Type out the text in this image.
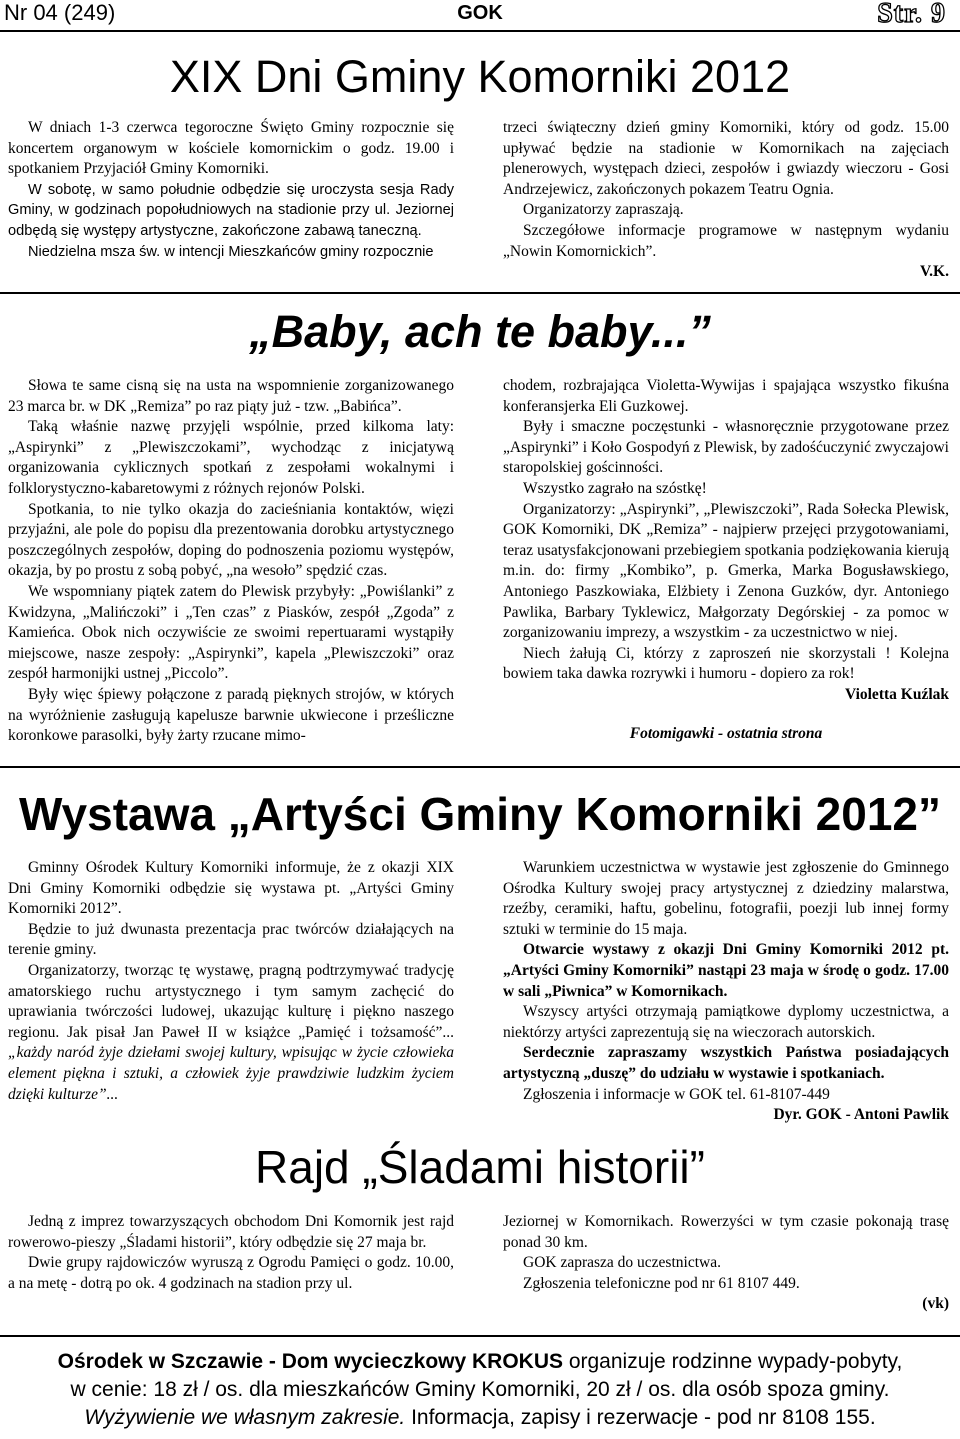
Nr 04 (249)	GOK	Str. 9
XIX Dni Gminy Komorniki 2012

W dniach 1-3 czerwca tegoroczne Święto Gminy rozpocznie się koncertem organowym w kościele komornickim o godz. 19.00 i spotkaniem Przyjaciół Gminy Komorniki.

W sobotę, w samo południe odbędzie się uroczysta sesja Rady Gminy, w godzinach popołudniowych na stadionie przy ul. Jeziornej odbędą się występy artystyczne, zakończone zabawą taneczną.

Niedzielna msza św. w intencji Mieszkańców gminy rozpocznie

trzeci świąteczny dzień gminy Komorniki, który od godz. 15.00 upływać będzie na stadionie w Komornikach na zajęciach plenerowych, występach dzieci, zespołów i gwiazdy wieczoru - Gosi Andrzejewicz, zakończonych pokazem Teatru Ognia.

Organizatorzy zapraszają.

Szczegółowe informacje programowe w następnym wydaniu „Nowin Komornickich”.

V.K.
„Baby, ach te baby...”

Słowa te same cisną się na usta na wspomnienie zorganizowanego 23 marca br. w DK „Remiza” po raz piąty już - tzw. „Babińca”.

Taką właśnie nazwę przyjęli wspólnie, przed kilkoma laty: „Aspirynki” z „Plewiszczokami”, wychodząc z inicjatywą organizowania cyklicznych spotkań z zespołami wokalnymi i folklorystyczno-kabaretowymi z różnych rejonów Polski.

Spotkania, to nie tylko okazja do zacieśniania kontaktów, więzi przyjaźni, ale pole do popisu dla prezentowania dorobku artystycznego poszczególnych zespołów, doping do podnoszenia poziomu występów, okazja, by po prostu z sobą pobyć, „na wesoło” spędzić czas.

We wspomniany piątek zatem do Plewisk przybyły: „Powiślanki” z Kwidzyna, „Malińczoki” i „Ten czas” z Piasków, zespół „Zgoda” z Kamieńca. Obok nich oczywiście ze swoimi repertuarami wystąpiły miejscowe, nasze zespoły: „Aspirynki”, kapela „Plewiszczoki” oraz zespół harmonijki ustnej „Piccolo”.

Były więc śpiewy połączone z paradą pięknych strojów, w których na wyróżnienie zasługują kapelusze barwnie ukwiecone i prześliczne koronkowe parasolki, były żarty rzucane mimo-

chodem, rozbrajająca Violetta-Wywijas i spajająca wszystko fikuśna konferansjerka Eli Guzkowej.

Były i smaczne poczęstunki - własnoręcznie przygotowane przez „Aspirynki” i Koło Gospodyń z Plewisk, by zadośćuczynić zwyczajowi staropolskiej gościnności.

Wszystko zagrało na szóstkę!

Organizatorzy: „Aspirynki”, „Plewiszczoki”, Rada Sołecka Plewisk, GOK Komorniki, DK „Remiza” - najpierw przejęci przygotowaniami, teraz usatysfakcjonowani przebiegiem spotkania podziękowania kierują m.in. do: firmy „Kombiko”, p. Gmerka, Marka Bogusławskiego, Antoniego Paszkowiaka, Elżbiety i Zenona Guzków, dyr. Antoniego Pawlika, Barbary Tyklewicz, Małgorzaty Degórskiej - za pomoc w zorganizowaniu imprezy, a wszystkim - za uczestnictwo w niej.

Niech żałują Ci, którzy z zaproszeń nie skorzystali ! Kolejna bowiem taka dawka rozrywki i humoru - dopiero za rok!

Violetta Kuźlak
Fotomigawki - ostatnia strona
Wystawa „Artyści Gminy Komorniki 2012”

Gminny Ośrodek Kultury Komorniki informuje, że z okazji XIX Dni Gminy Komorniki odbędzie się wystawa pt. „Artyści Gminy Komorniki 2012”.

Będzie to już dwunasta prezentacja prac twórców działających na terenie gminy.

Organizatorzy, tworząc tę wystawę, pragną podtrzymywać tradycję amatorskiego ruchu artystycznego i tym samym zachęcić do uprawiania twórczości ludowej, ukazując kulturę i piękno naszego regionu. Jak pisał Jan Paweł II w książce „Pamięć i tożsamość”...„każdy naród żyje dziełami swojej kultury, wpisując w życie człowieka element piękna i sztuki, a człowiek żyje prawdziwie ludzkim życiem dzięki kulturze”...

Warunkiem uczestnictwa w wystawie jest zgłoszenie do Gminnego Ośrodka Kultury swojej pracy artystycznej z dziedziny malarstwa, rzeźby, ceramiki, haftu, gobelinu, fotografii, poezji lub innej formy sztuki w terminie do 15 maja.

Otwarcie wystawy z okazji Dni Gminy Komorniki 2012 pt. „Artyści Gminy Komorniki” nastąpi 23 maja w środę o godz. 17.00 w sali „Piwnica” w Komornikach.

Wszyscy artyści otrzymają pamiątkowe dyplomy uczestnictwa, a niektórzy artyści zaprezentują się na wieczorach autorskich.

Serdecznie zapraszamy wszystkich Państwa posiadających artystyczną „duszę” do udziału w wystawie i spotkaniach.

Zgłoszenia i informacje w GOK tel. 61-8107-449

Dyr. GOK - Antoni Pawlik
Rajd „Śladami historii”

Jedną z imprez towarzyszących obchodom Dni Komornik jest rajd rowerowo-pieszy „Śladami historii”, który odbędzie się 27 maja br.

Dwie grupy rajdowiczów wyruszą z Ogrodu Pamięci o godz. 10.00, a na metę - dotrą po ok. 4 godzinach na stadion przy ul.

Jeziornej w Komornikach. Rowerzyści w tym czasie pokonają trasę ponad 30 km.

GOK zaprasza do uczestnictwa.

Zgłoszenia telefoniczne pod nr 61 8107 449.

(vk)

Ośrodek w Szczawie - Dom wycieczkowy KROKUS organizuje rodzinne wypady-pobyty,

w cenie: 18 zł / os. dla mieszkańców Gminy Komorniki, 20 zł / os. dla osób spoza gminy.

Wyżywienie we własnym zakresie. Informacja, zapisy i rezerwacje - pod nr 8108 155.
